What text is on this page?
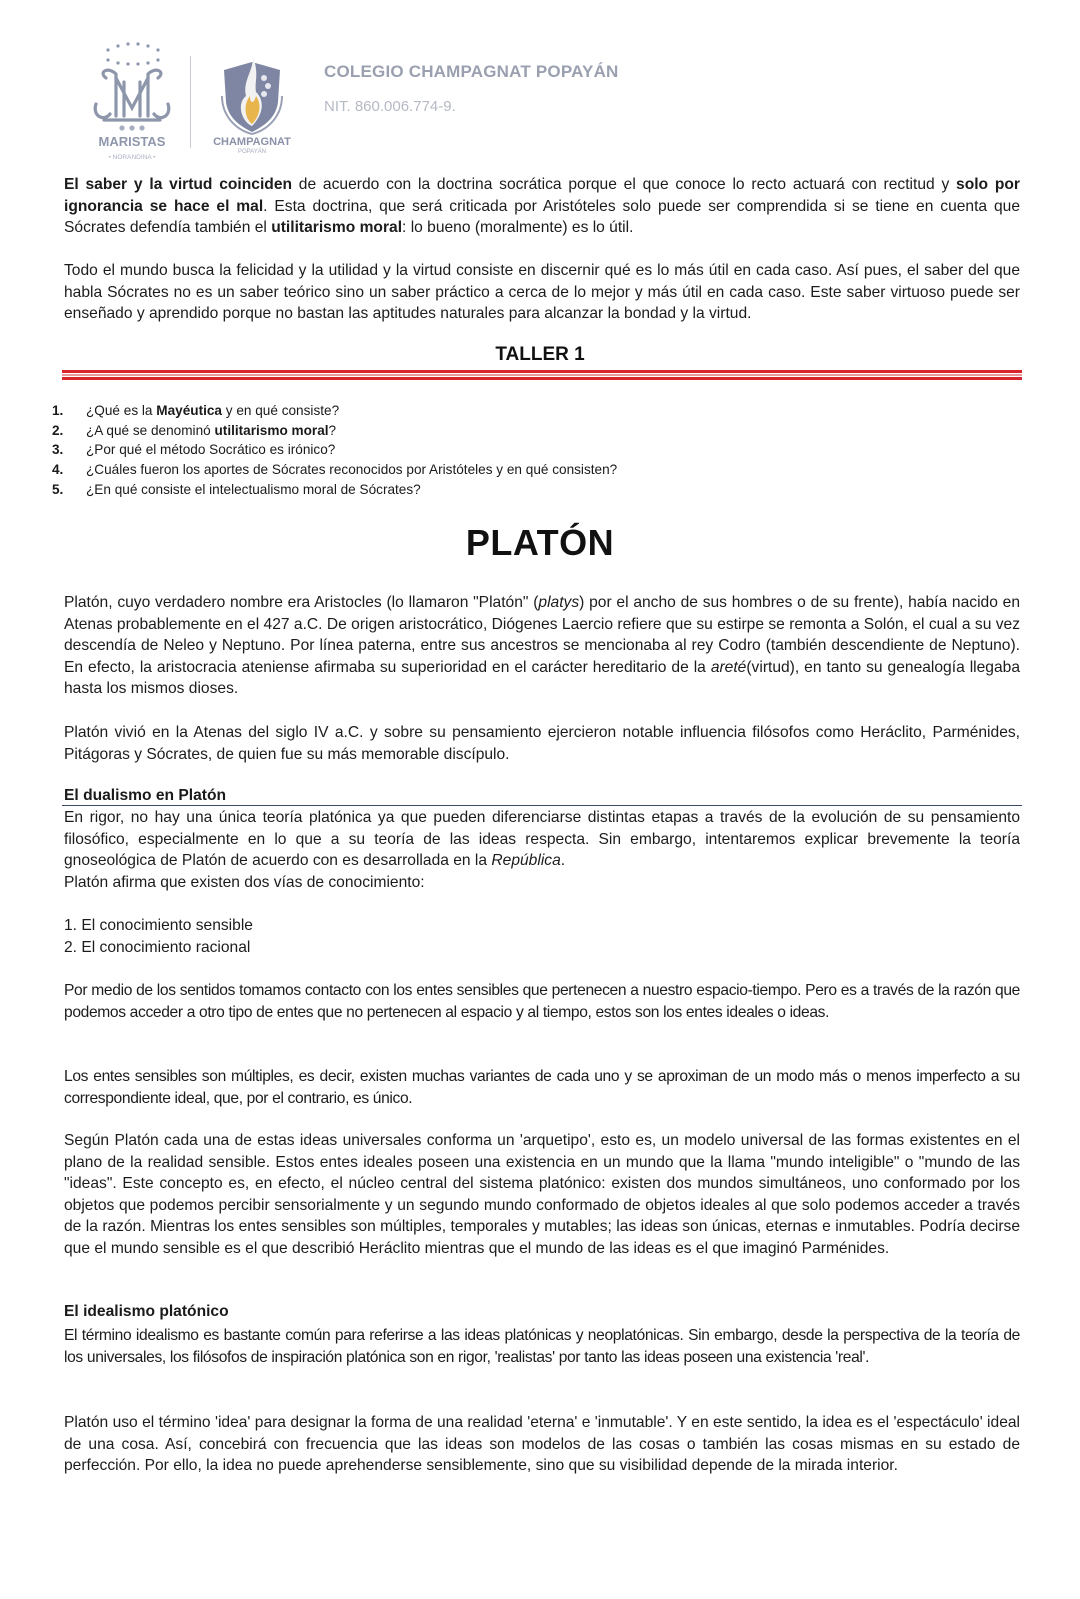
MARISTAS
• NORANDINA •
CHAMPAGNAT
POPAYÁN
COLEGIO CHAMPAGNAT POPAYÁN
NIT. 860.006.774-9.
El saber y la virtud coinciden de acuerdo con la doctrina socrática porque el que conoce lo recto actuará con rectitud y solo por ignorancia se hace el mal. Esta doctrina, que será criticada por Aristóteles solo puede ser comprendida si se tiene en cuenta que Sócrates defendía también el utilitarismo moral: lo bueno (moralmente) es lo útil.
Todo el mundo busca la felicidad y la utilidad y la virtud consiste en discernir qué es lo más útil en cada caso. Así pues, el saber del que habla Sócrates no es un saber teórico sino un saber práctico a cerca de lo mejor y más útil en cada caso. Este saber virtuoso puede ser enseñado y aprendido porque no bastan las aptitudes naturales para alcanzar la bondad y la virtud.
TALLER 1
1.	¿Qué es la Mayéutica y en qué consiste?
2.	¿A qué se denominó utilitarismo moral?
3.	¿Por qué el método Socrático es irónico?
4.	¿Cuáles fueron los aportes de Sócrates reconocidos por Aristóteles y en qué consisten?
5.	¿En qué consiste el intelectualismo moral de Sócrates?
PLATÓN
Platón, cuyo verdadero nombre era Aristocles (lo llamaron "Platón" (platys) por el ancho de sus hombres o de su frente), había nacido en Atenas probablemente en el 427 a.C. De origen aristocrático, Diógenes Laercio refiere que su estirpe se remonta a Solón, el cual a su vez descendía de Neleo y Neptuno. Por línea paterna, entre sus ancestros se mencionaba al rey Codro (también descendiente de Neptuno). En efecto, la aristocracia ateniense afirmaba su superioridad en el carácter hereditario de la areté(virtud), en tanto su genealogía llegaba hasta los mismos dioses.
Platón vivió en la Atenas del siglo IV a.C. y sobre su pensamiento ejercieron notable influencia filósofos como Heráclito, Parménides, Pitágoras y Sócrates, de quien fue su más memorable discípulo.
El dualismo en Platón
En rigor, no hay una única teoría platónica ya que pueden diferenciarse distintas etapas a través de la evolución de su pensamiento filosófico, especialmente en lo que a su teoría de las ideas respecta. Sin embargo, intentaremos explicar brevemente la teoría gnoseológica de Platón de acuerdo con es desarrollada en la República.
Platón afirma que existen dos vías de conocimiento:
1. El conocimiento sensible
2. El conocimiento racional
Por medio de los sentidos tomamos contacto con los entes sensibles que pertenecen a nuestro espacio-tiempo. Pero es a través de la razón que podemos acceder a otro tipo de entes que no pertenecen al espacio y al tiempo, estos son los entes ideales o ideas.
Los entes sensibles son múltiples, es decir, existen muchas variantes de cada uno y se aproximan de un modo más o menos imperfecto a su correspondiente ideal, que, por el contrario, es único.
Según Platón cada una de estas ideas universales conforma un 'arquetipo', esto es, un modelo universal de las formas existentes en el plano de la realidad sensible. Estos entes ideales poseen una existencia en un mundo que la llama "mundo inteligible" o "mundo de las "ideas". Este concepto es, en efecto, el núcleo central del sistema platónico: existen dos mundos simultáneos, uno conformado por los objetos que podemos percibir sensorialmente y un segundo mundo conformado de objetos ideales al que solo podemos acceder a través de la razón. Mientras los entes sensibles son múltiples, temporales y mutables; las ideas son únicas, eternas e inmutables. Podría decirse que el mundo sensible es el que describió Heráclito mientras que el mundo de las ideas es el que imaginó Parménides.
El idealismo platónico
El término idealismo es bastante común para referirse a las ideas platónicas y neoplatónicas. Sin embargo, desde la perspectiva de la teoría de los universales, los filósofos de inspiración platónica son en rigor, 'realistas' por tanto las ideas poseen una existencia 'real'.
Platón uso el término 'idea' para designar la forma de una realidad 'eterna' e 'inmutable'. Y en este sentido, la idea es el 'espectáculo' ideal de una cosa. Así, concebirá con frecuencia que las ideas son modelos de las cosas o también las cosas mismas en su estado de perfección. Por ello, la idea no puede aprehenderse sensiblemente, sino que su visibilidad depende de la mirada interior.
